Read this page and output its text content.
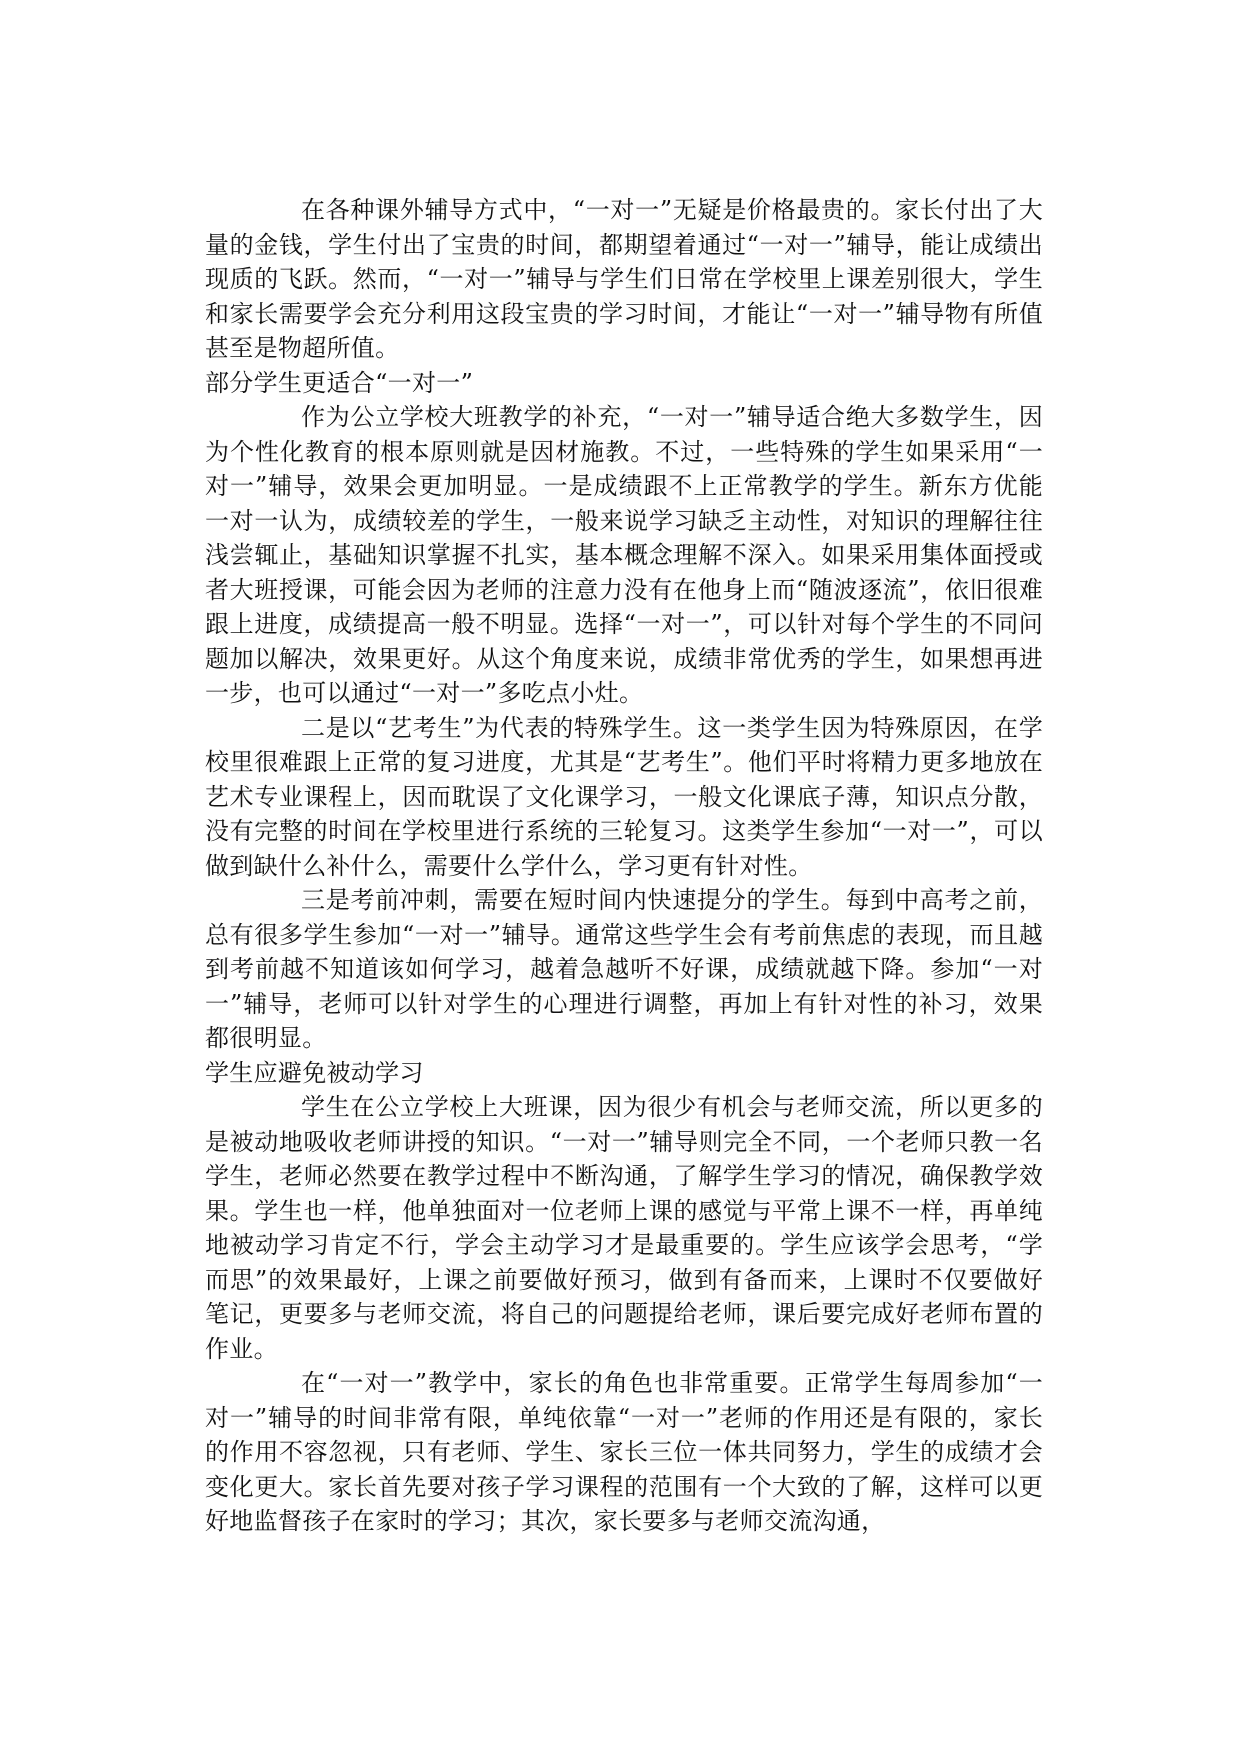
在各种课外辅导方式中，“一对一”无疑是价格最贵的。家长付出了大量的金钱，学生付出了宝贵的时间，都期望着通过“一对一”辅导，能让成绩出现质的飞跃。然而，“一对一”辅导与学生们日常在学校里上课差别很大，学生和家长需要学会充分利用这段宝贵的学习时间，才能让“一对一”辅导物有所值甚至是物超所值。

部分学生更适合“一对一”

作为公立学校大班教学的补充，“一对一”辅导适合绝大多数学生，因为个性化教育的根本原则就是因材施教。不过，一些特殊的学生如果采用“一对一”辅导，效果会更加明显。一是成绩跟不上正常教学的学生。新东方优能一对一认为，成绩较差的学生，一般来说学习缺乏主动性，对知识的理解往往浅尝辄止，基础知识掌握不扎实，基本概念理解不深入。如果采用集体面授或者大班授课，可能会因为老师的注意力没有在他身上而“随波逐流”，依旧很难跟上进度，成绩提高一般不明显。选择“一对一”，可以针对每个学生的不同问题加以解决，效果更好。从这个角度来说，成绩非常优秀的学生，如果想再进一步，也可以通过“一对一”多吃点小灶。

二是以“艺考生”为代表的特殊学生。这一类学生因为特殊原因，在学校里很难跟上正常的复习进度，尤其是“艺考生”。他们平时将精力更多地放在艺术专业课程上，因而耽误了文化课学习，一般文化课底子薄，知识点分散，没有完整的时间在学校里进行系统的三轮复习。这类学生参加“一对一”，可以做到缺什么补什么，需要什么学什么，学习更有针对性。

三是考前冲刺，需要在短时间内快速提分的学生。每到中高考之前，总有很多学生参加“一对一”辅导。通常这些学生会有考前焦虑的表现，而且越到考前越不知道该如何学习，越着急越听不好课，成绩就越下降。参加“一对一”辅导，老师可以针对学生的心理进行调整，再加上有针对性的补习，效果都很明显。

学生应避免被动学习

学生在公立学校上大班课，因为很少有机会与老师交流，所以更多的是被动地吸收老师讲授的知识。“一对一”辅导则完全不同，一个老师只教一名学生，老师必然要在教学过程中不断沟通，了解学生学习的情况，确保教学效果。学生也一样，他单独面对一位老师上课的感觉与平常上课不一样，再单纯地被动学习肯定不行，学会主动学习才是最重要的。学生应该学会思考，“学而思”的效果最好，上课之前要做好预习，做到有备而来，上课时不仅要做好笔记，更要多与老师交流，将自己的问题提给老师，课后要完成好老师布置的作业。

在“一对一”教学中，家长的角色也非常重要。正常学生每周参加“一对一”辅导的时间非常有限，单纯依靠“一对一”老师的作用还是有限的，家长的作用不容忽视，只有老师、学生、家长三位一体共同努力，学生的成绩才会变化更大。家长首先要对孩子学习课程的范围有一个大致的了解，这样可以更好地监督孩子在家时的学习；其次，家长要多与老师交流沟通，
